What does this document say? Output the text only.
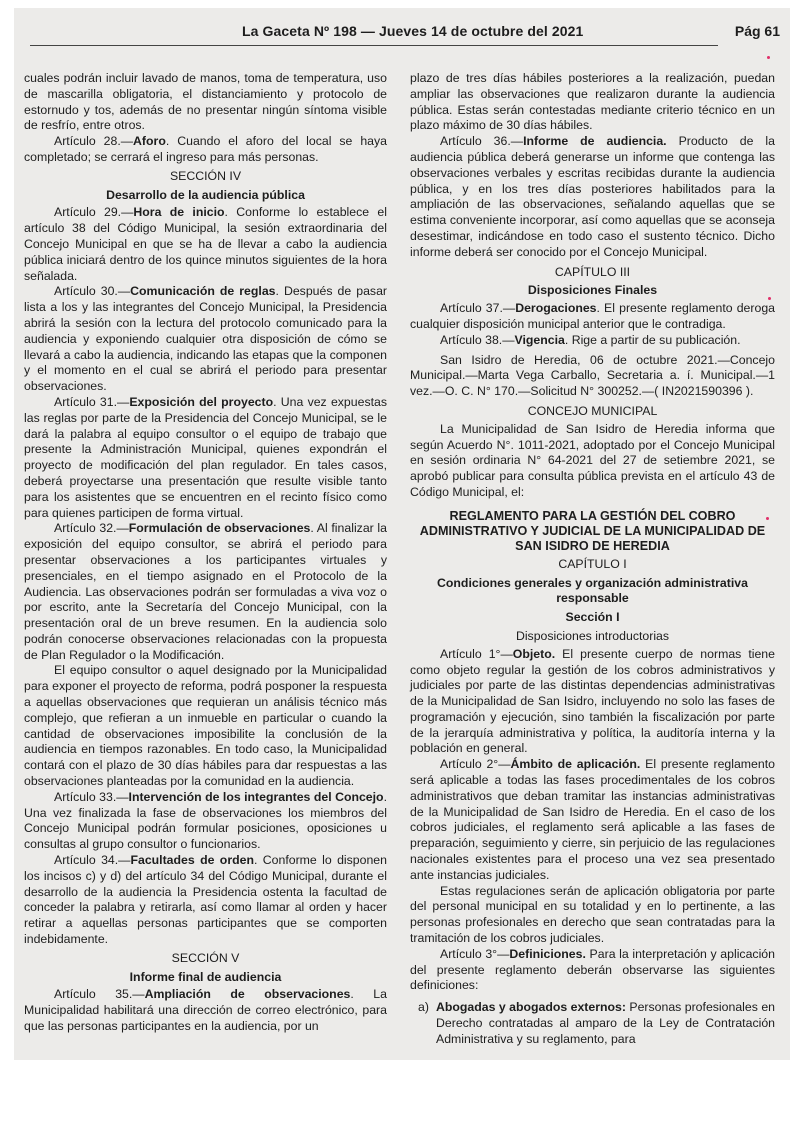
La Gaceta Nº 198 — Jueves 14 de octubre del 2021	Pág 61

cuales podrán incluir lavado de manos, toma de temperatura, uso de mascarilla obligatoria, el distanciamiento y protocolo de estornudo y tos, además de no presentar ningún síntoma visible de resfrío, entre otros.

Artículo 28.—Aforo. Cuando el aforo del local se haya completado; se cerrará el ingreso para más personas.

SECCIÓN IV

Desarrollo de la audiencia pública

Artículo 29.—Hora de inicio. Conforme lo establece el artículo 38 del Código Municipal, la sesión extraordinaria del Concejo Municipal en que se ha de llevar a cabo la audiencia pública iniciará dentro de los quince minutos siguientes de la hora señalada.

Artículo 30.—Comunicación de reglas. Después de pasar lista a los y las integrantes del Concejo Municipal, la Presidencia abrirá la sesión con la lectura del protocolo comunicado para la audiencia y exponiendo cualquier otra disposición de cómo se llevará a cabo la audiencia, indicando las etapas que la componen y el momento en el cual se abrirá el periodo para presentar observaciones.

Artículo 31.—Exposición del proyecto. Una vez expuestas las reglas por parte de la Presidencia del Concejo Municipal, se le dará la palabra al equipo consultor o el equipo de trabajo que presente la Administración Municipal, quienes expondrán el proyecto de modificación del plan regulador. En tales casos, deberá proyectarse una presentación que resulte visible tanto para los asistentes que se encuentren en el recinto físico como para quienes participen de forma virtual.

Artículo 32.—Formulación de observaciones. Al finalizar la exposición del equipo consultor, se abrirá el periodo para presentar observaciones a los participantes virtuales y presenciales, en el tiempo asignado en el Protocolo de la Audiencia. Las observaciones podrán ser formuladas a viva voz o por escrito, ante la Secretaría del Concejo Municipal, con la presentación oral de un breve resumen. En la audiencia solo podrán conocerse observaciones relacionadas con la propuesta de Plan Regulador o la Modificación.

El equipo consultor o aquel designado por la Municipalidad para exponer el proyecto de reforma, podrá posponer la respuesta a aquellas observaciones que requieran un análisis técnico más complejo, que refieran a un inmueble en particular o cuando la cantidad de observaciones imposibilite la conclusión de la audiencia en tiempos razonables. En todo caso, la Municipalidad contará con el plazo de 30 días hábiles para dar respuestas a las observaciones planteadas por la comunidad en la audiencia.

Artículo 33.—Intervención de los integrantes del Concejo. Una vez finalizada la fase de observaciones los miembros del Concejo Municipal podrán formular posiciones, oposiciones u consultas al grupo consultor o funcionarios.

Artículo 34.—Facultades de orden. Conforme lo disponen los incisos c) y d) del artículo 34 del Código Municipal, durante el desarrollo de la audiencia la Presidencia ostenta la facultad de conceder la palabra y retirarla, así como llamar al orden y hacer retirar a aquellas personas participantes que se comporten indebidamente.

SECCIÓN V

Informe final de audiencia

Artículo 35.—Ampliación de observaciones. La Municipalidad habilitará una dirección de correo electrónico, para que las personas participantes en la audiencia, por un

plazo de tres días hábiles posteriores a la realización, puedan ampliar las observaciones que realizaron durante la audiencia pública. Estas serán contestadas mediante criterio técnico en un plazo máximo de 30 días hábiles.

Artículo 36.—Informe de audiencia. Producto de la audiencia pública deberá generarse un informe que contenga las observaciones verbales y escritas recibidas durante la audiencia pública, y en los tres días posteriores habilitados para la ampliación de las observaciones, señalando aquellas que se estima conveniente incorporar, así como aquellas que se aconseja desestimar, indicándose en todo caso el sustento técnico. Dicho informe deberá ser conocido por el Concejo Municipal.

CAPÍTULO III

Disposiciones Finales

Artículo 37.—Derogaciones. El presente reglamento deroga cualquier disposición municipal anterior que le contradiga.

Artículo 38.—Vigencia. Rige a partir de su publicación.

San Isidro de Heredia, 06 de octubre 2021.—Concejo Municipal.—Marta Vega Carballo, Secretaria a. í. Municipal.—1 vez.—O. C. N° 170.—Solicitud N° 300252.—( IN2021590396 ).

CONCEJO MUNICIPAL

La Municipalidad de San Isidro de Heredia informa que según Acuerdo N°. 1011-2021, adoptado por el Concejo Municipal en sesión ordinaria N° 64-2021 del 27 de setiembre 2021, se aprobó publicar para consulta pública prevista en el artículo 43 de Código Municipal, el:

REGLAMENTO PARA LA GESTIÓN DEL COBRO ADMINISTRATIVO Y JUDICIAL DE LA MUNICIPALIDAD DE SAN ISIDRO DE HEREDIA

CAPÍTULO I

Condiciones generales y organización administrativa responsable

Sección I

Disposiciones introductorias

Artículo 1°—Objeto. El presente cuerpo de normas tiene como objeto regular la gestión de los cobros administrativos y judiciales por parte de las distintas dependencias administrativas de la Municipalidad de San Isidro, incluyendo no solo las fases de programación y ejecución, sino también la fiscalización por parte de la jerarquía administrativa y política, la auditoría interna y la población en general.

Artículo 2°—Ámbito de aplicación. El presente reglamento será aplicable a todas las fases procedimentales de los cobros administrativos que deban tramitar las instancias administrativas de la Municipalidad de San Isidro de Heredia. En el caso de los cobros judiciales, el reglamento será aplicable a las fases de preparación, seguimiento y cierre, sin perjuicio de las regulaciones nacionales existentes para el proceso una vez sea presentado ante instancias judiciales.

Estas regulaciones serán de aplicación obligatoria por parte del personal municipal en su totalidad y en lo pertinente, a las personas profesionales en derecho que sean contratadas para la tramitación de los cobros judiciales.

Artículo 3°—Definiciones. Para la interpretación y aplicación del presente reglamento deberán observarse las siguientes definiciones:

a) Abogadas y abogados externos: Personas profesionales en Derecho contratadas al amparo de la Ley de Contratación Administrativa y su reglamento, para
